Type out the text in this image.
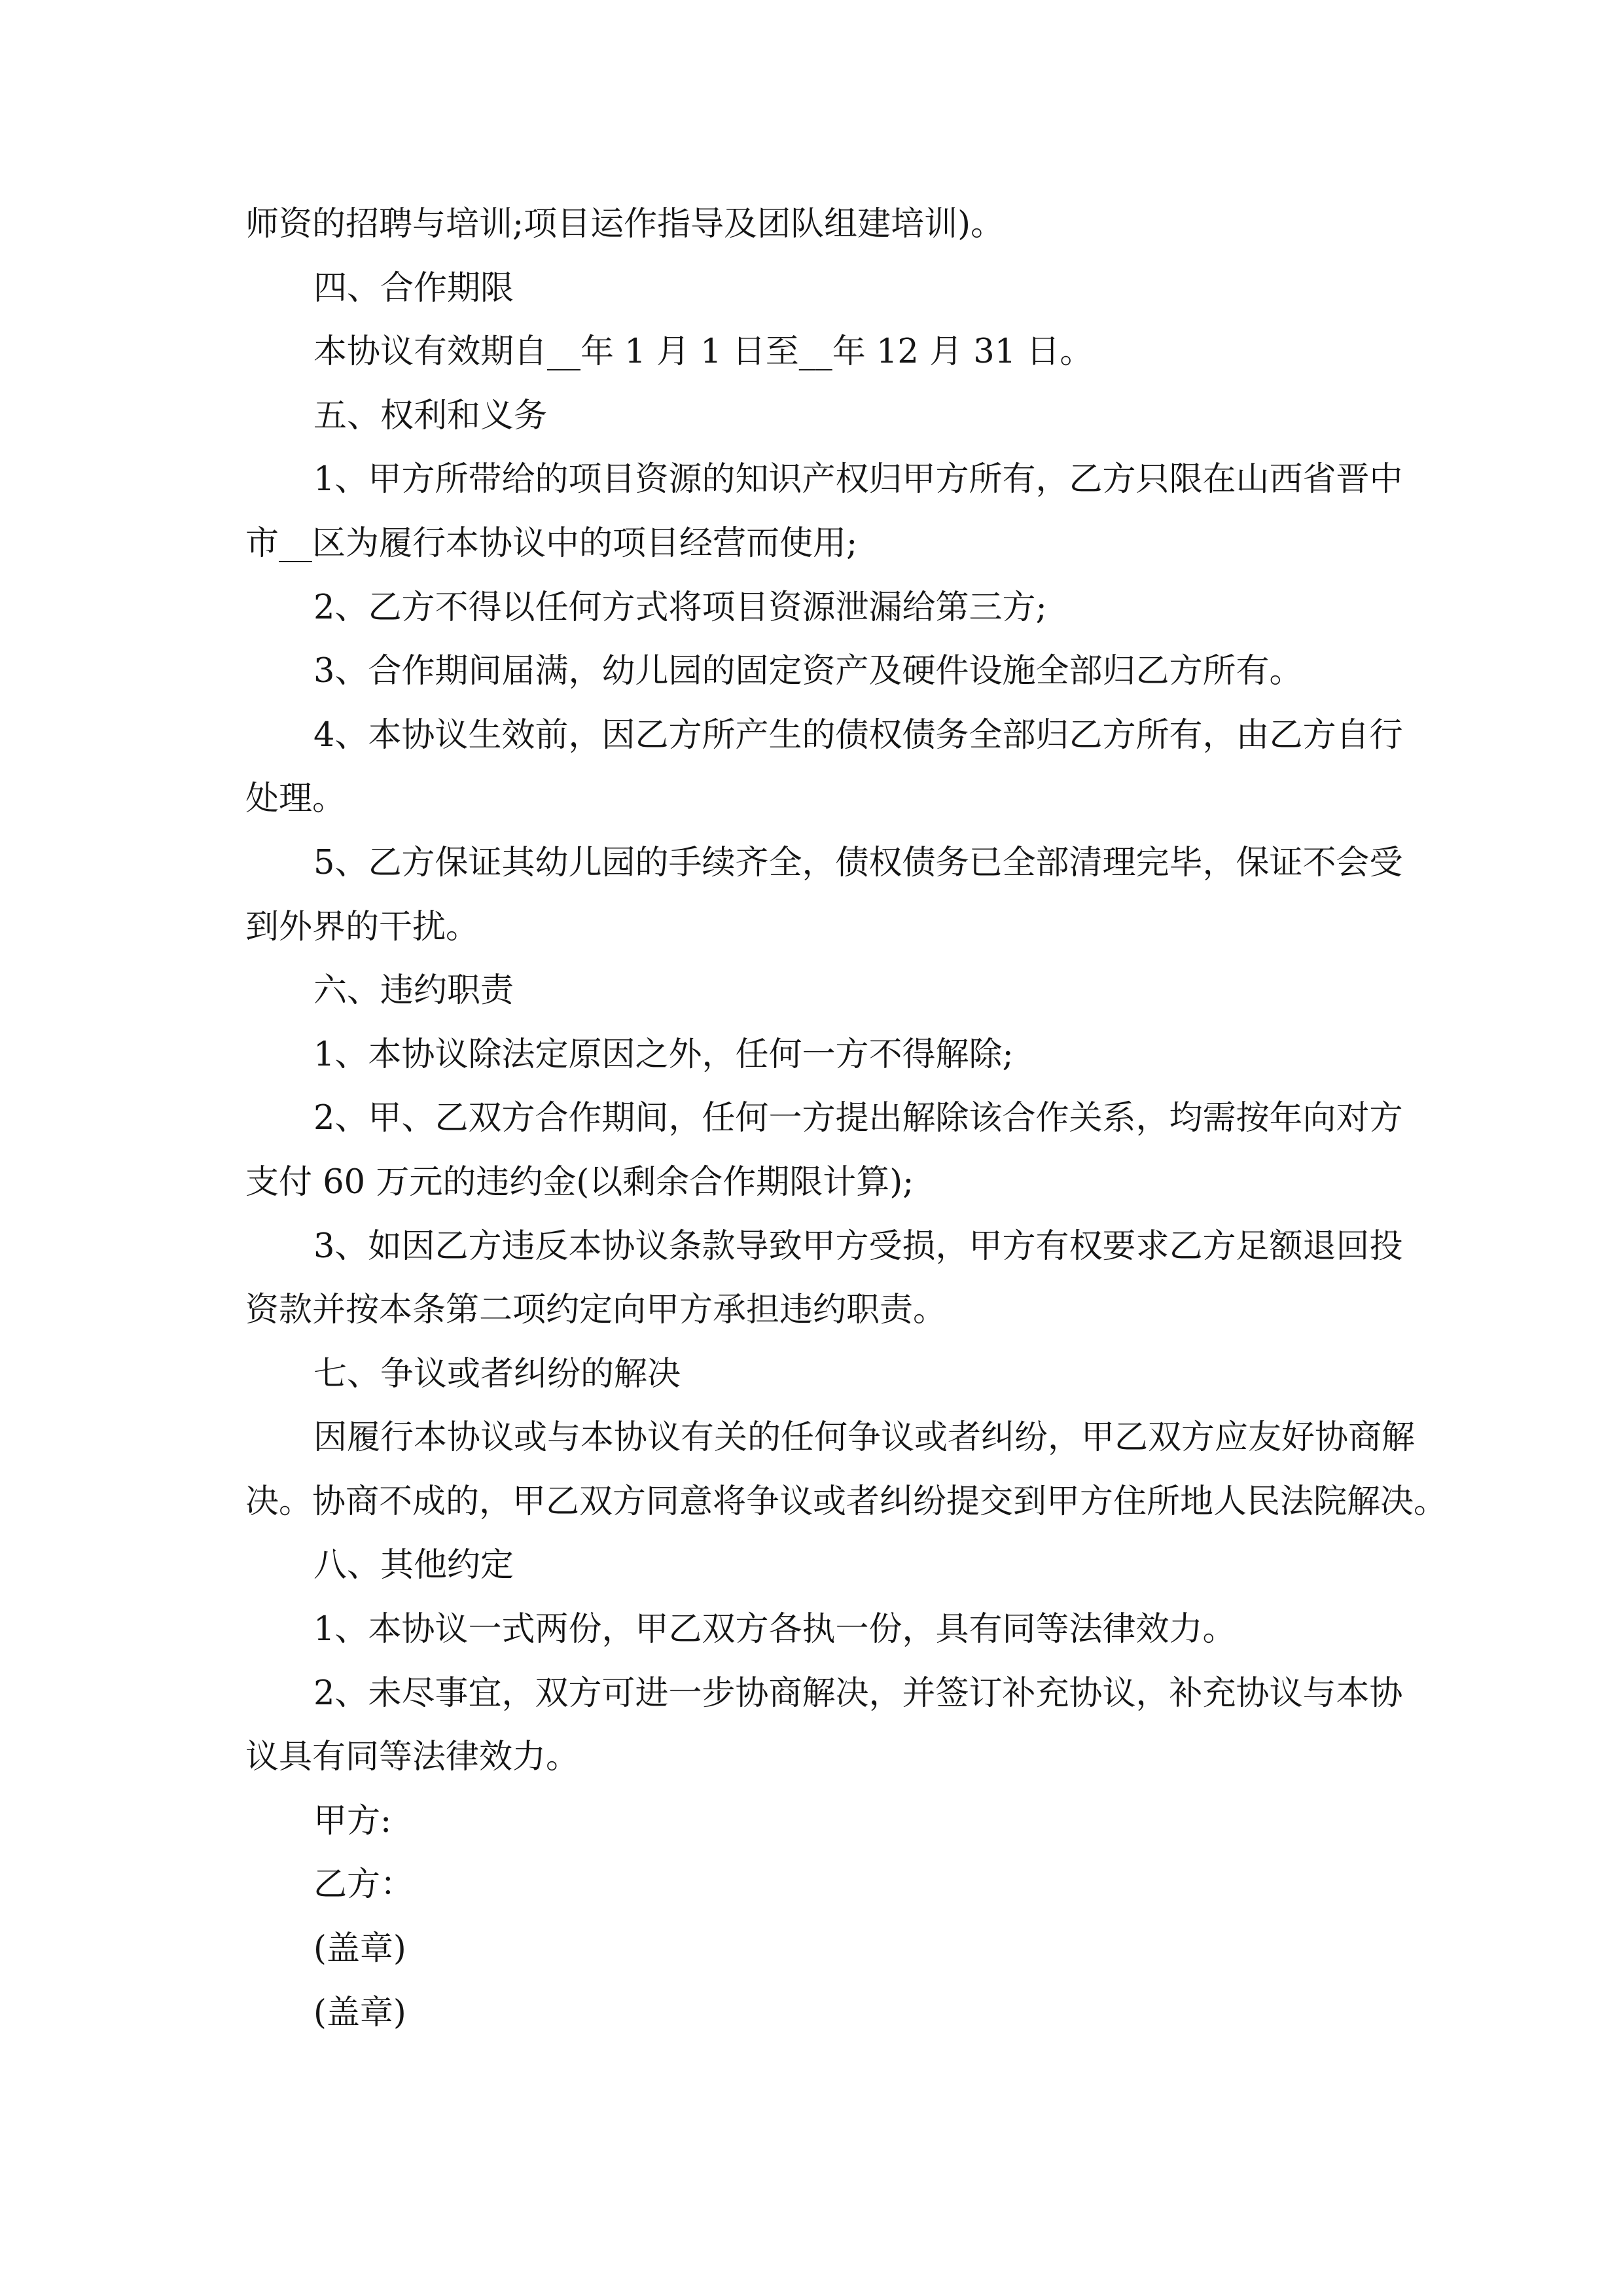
师资的招聘与培训;项目运作指导及团队组建培训)。
四、合作期限
本协议有效期自__年 1 月 1 日至__年 12 月 31 日。
五、权利和义务
1、甲方所带给的项目资源的知识产权归甲方所有，乙方只限在山西省晋中
市__区为履行本协议中的项目经营而使用;
2、乙方不得以任何方式将项目资源泄漏给第三方;
3、合作期间届满，幼儿园的固定资产及硬件设施全部归乙方所有。
4、本协议生效前，因乙方所产生的债权债务全部归乙方所有，由乙方自行
处理。
5、乙方保证其幼儿园的手续齐全，债权债务已全部清理完毕，保证不会受
到外界的干扰。
六、违约职责
1、本协议除法定原因之外，任何一方不得解除;
2、甲、乙双方合作期间，任何一方提出解除该合作关系，均需按年向对方
支付 60 万元的违约金(以剩余合作期限计算);
3、如因乙方违反本协议条款导致甲方受损，甲方有权要求乙方足额退回投
资款并按本条第二项约定向甲方承担违约职责。
七、争议或者纠纷的解决
因履行本协议或与本协议有关的任何争议或者纠纷，甲乙双方应友好协商解
决。协商不成的，甲乙双方同意将争议或者纠纷提交到甲方住所地人民法院解决。
八、其他约定
1、本协议一式两份，甲乙双方各执一份，具有同等法律效力。
2、未尽事宜，双方可进一步协商解决，并签订补充协议，补充协议与本协
议具有同等法律效力。
甲方:
乙方：
(盖章)
(盖章)
